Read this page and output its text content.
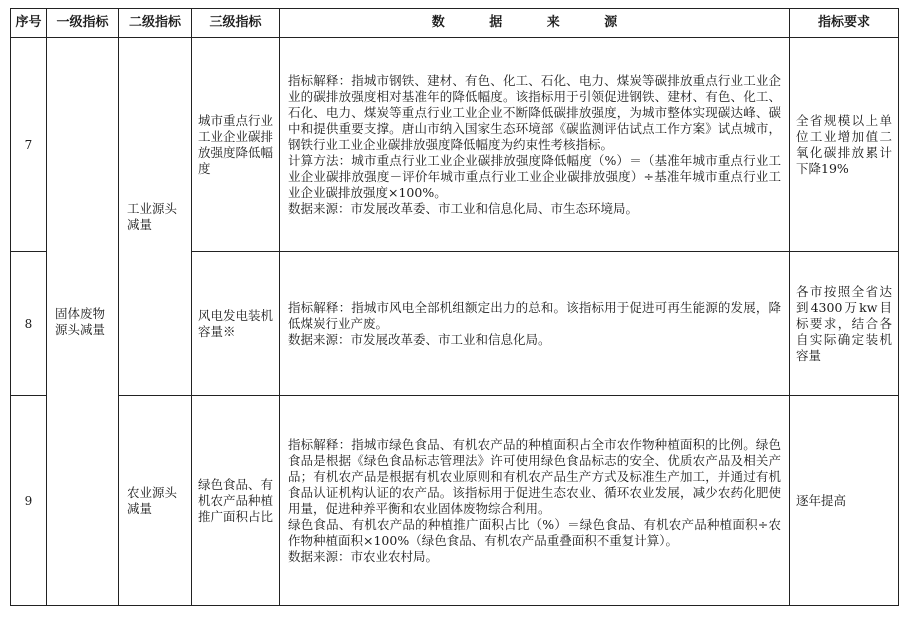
序号	一级指标	二级指标	三级指标	数 据 来 源	指标要求
7	固体废物源头减量	工业源头减量	城市重点行业工业企业碳排放强度降低幅度	指标解释：指城市钢铁、建材、有色、化工、石化、电力、煤炭等碳排放重点行业工业企业的碳排放强度相对基准年的降低幅度。该指标用于引领促进钢铁、建材、有色、化工、石化、电力、煤炭等重点行业工业企业不断降低碳排放强度，为城市整体实现碳达峰、碳中和提供重要支撑。唐山市纳入国家生态环境部《碳监测评估试点工作方案》试点城市，钢铁行业工业企业碳排放强度降低幅度为约束性考核指标。

计算方法：城市重点行业工业企业碳排放强度降低幅度（%）＝（基准年城市重点行业工业企业碳排放强度－评价年城市重点行业工业企业碳排放强度）÷基准年城市重点行业工业企业碳排放强度×100%。

数据来源：市发展改革委、市工业和信息化局、市生态环境局。	全省规模以上单位工业增加值二氧化碳排放累计下降19%
8			风电发电装机容量※	指标解释：指城市风电全部机组额定出力的总和。该指标用于促进可再生能源的发展，降低煤炭行业产废。

数据来源：市发展改革委、市工业和信息化局。	各市按照全省达到4300万kw目标要求，结合各自实际确定装机容量
9		农业源头减量	绿色食品、有机农产品种植推广面积占比	指标解释：指城市绿色食品、有机农产品的种植面积占全市农作物种植面积的比例。绿色食品是根据《绿色食品标志管理法》许可使用绿色食品标志的安全、优质农产品及相关产品；有机农产品是根据有机农业原则和有机农产品生产方式及标准生产加工，并通过有机食品认证机构认证的农产品。该指标用于促进生态农业、循环农业发展，减少农药化肥使用量，促进种养平衡和农业固体废物综合利用。

绿色食品、有机农产品的种植推广面积占比（%）＝绿色食品、有机农产品种植面积÷农作物种植面积×100%（绿色食品、有机农产品重叠面积不重复计算）。

数据来源：市农业农村局。	逐年提高
